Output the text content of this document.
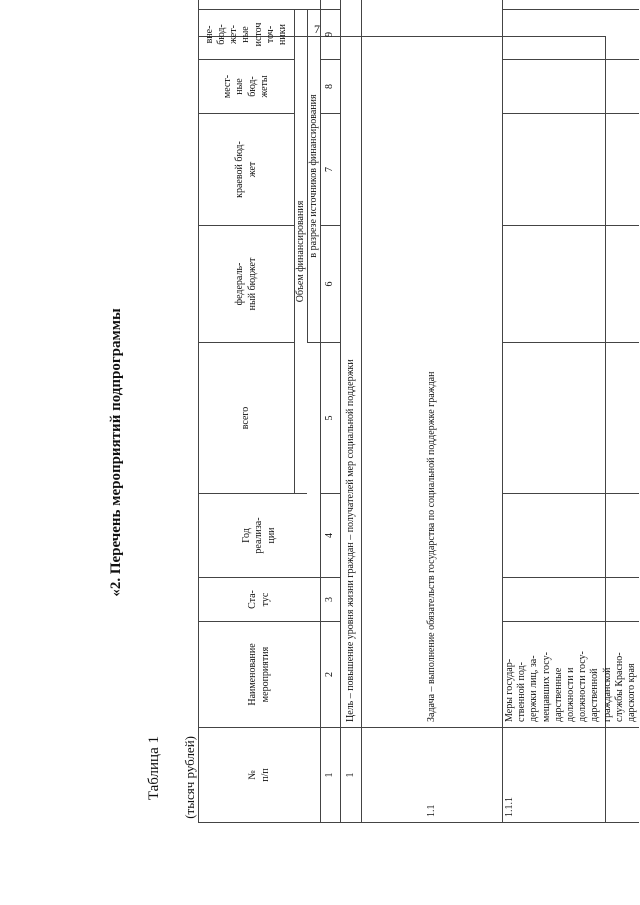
7
«2. Перечень мероприятий подпрограммы
Таблица 1 (тысяч рублей)	№
п/п
Наименование
мероприятия
Ста-
тус
Год
реализа-
ции
Объем финансирования в разрезе источников финансирования
всего
федераль-
ный бюджет
краевой бюд-
жет
мест-
ные
бюд-
жеты
вне-
бюд-
жет-
ные
источ
точ-
ники
1
2
3
4
5
6
7
8
9
1
Цель – повышение уровня жизни граждан – получателей мер социальной поддержки
1.1
Задача – выполнение обязательств государства по социальной поддержке граждан
1.1.1
Меры государ-
ственной под-
держки лиц, за-
мещавших госу-
дарственные
должности и
должности госу-
дарственной
гражданской
службы Красно-
дарского края
